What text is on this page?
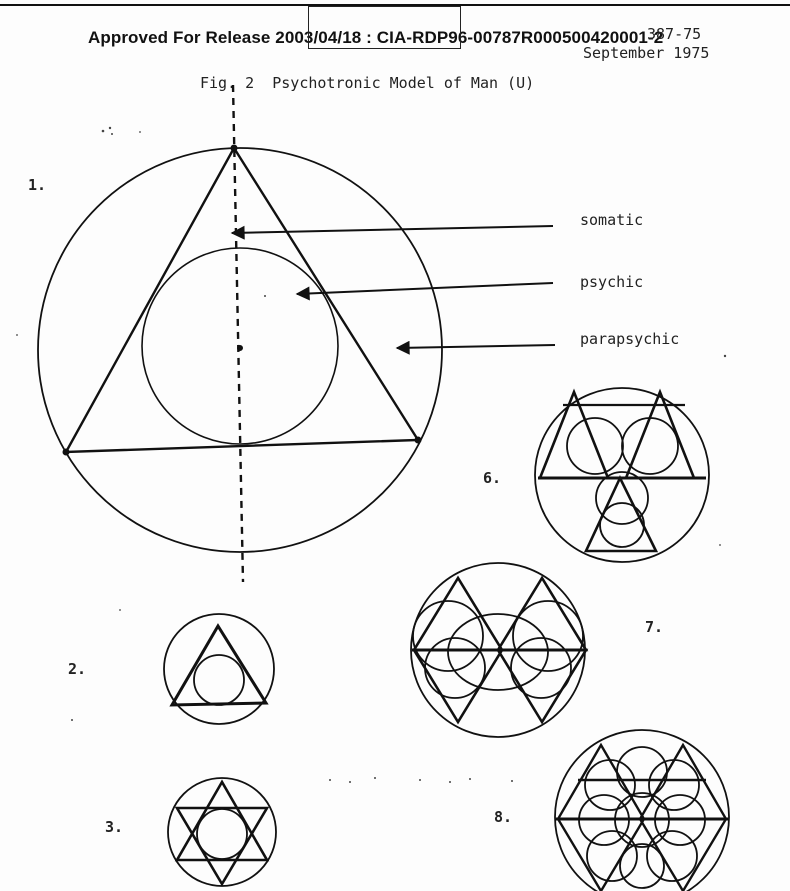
Approved For Release 2003/04/18 : CIA-RDP96-00787R000500420001-2
387-75
September 1975
Fig. 2  Psychotronic Model of Man (U)
somatic
psychic
parapsychic
1.
2.
3.
6.
7.
8.
